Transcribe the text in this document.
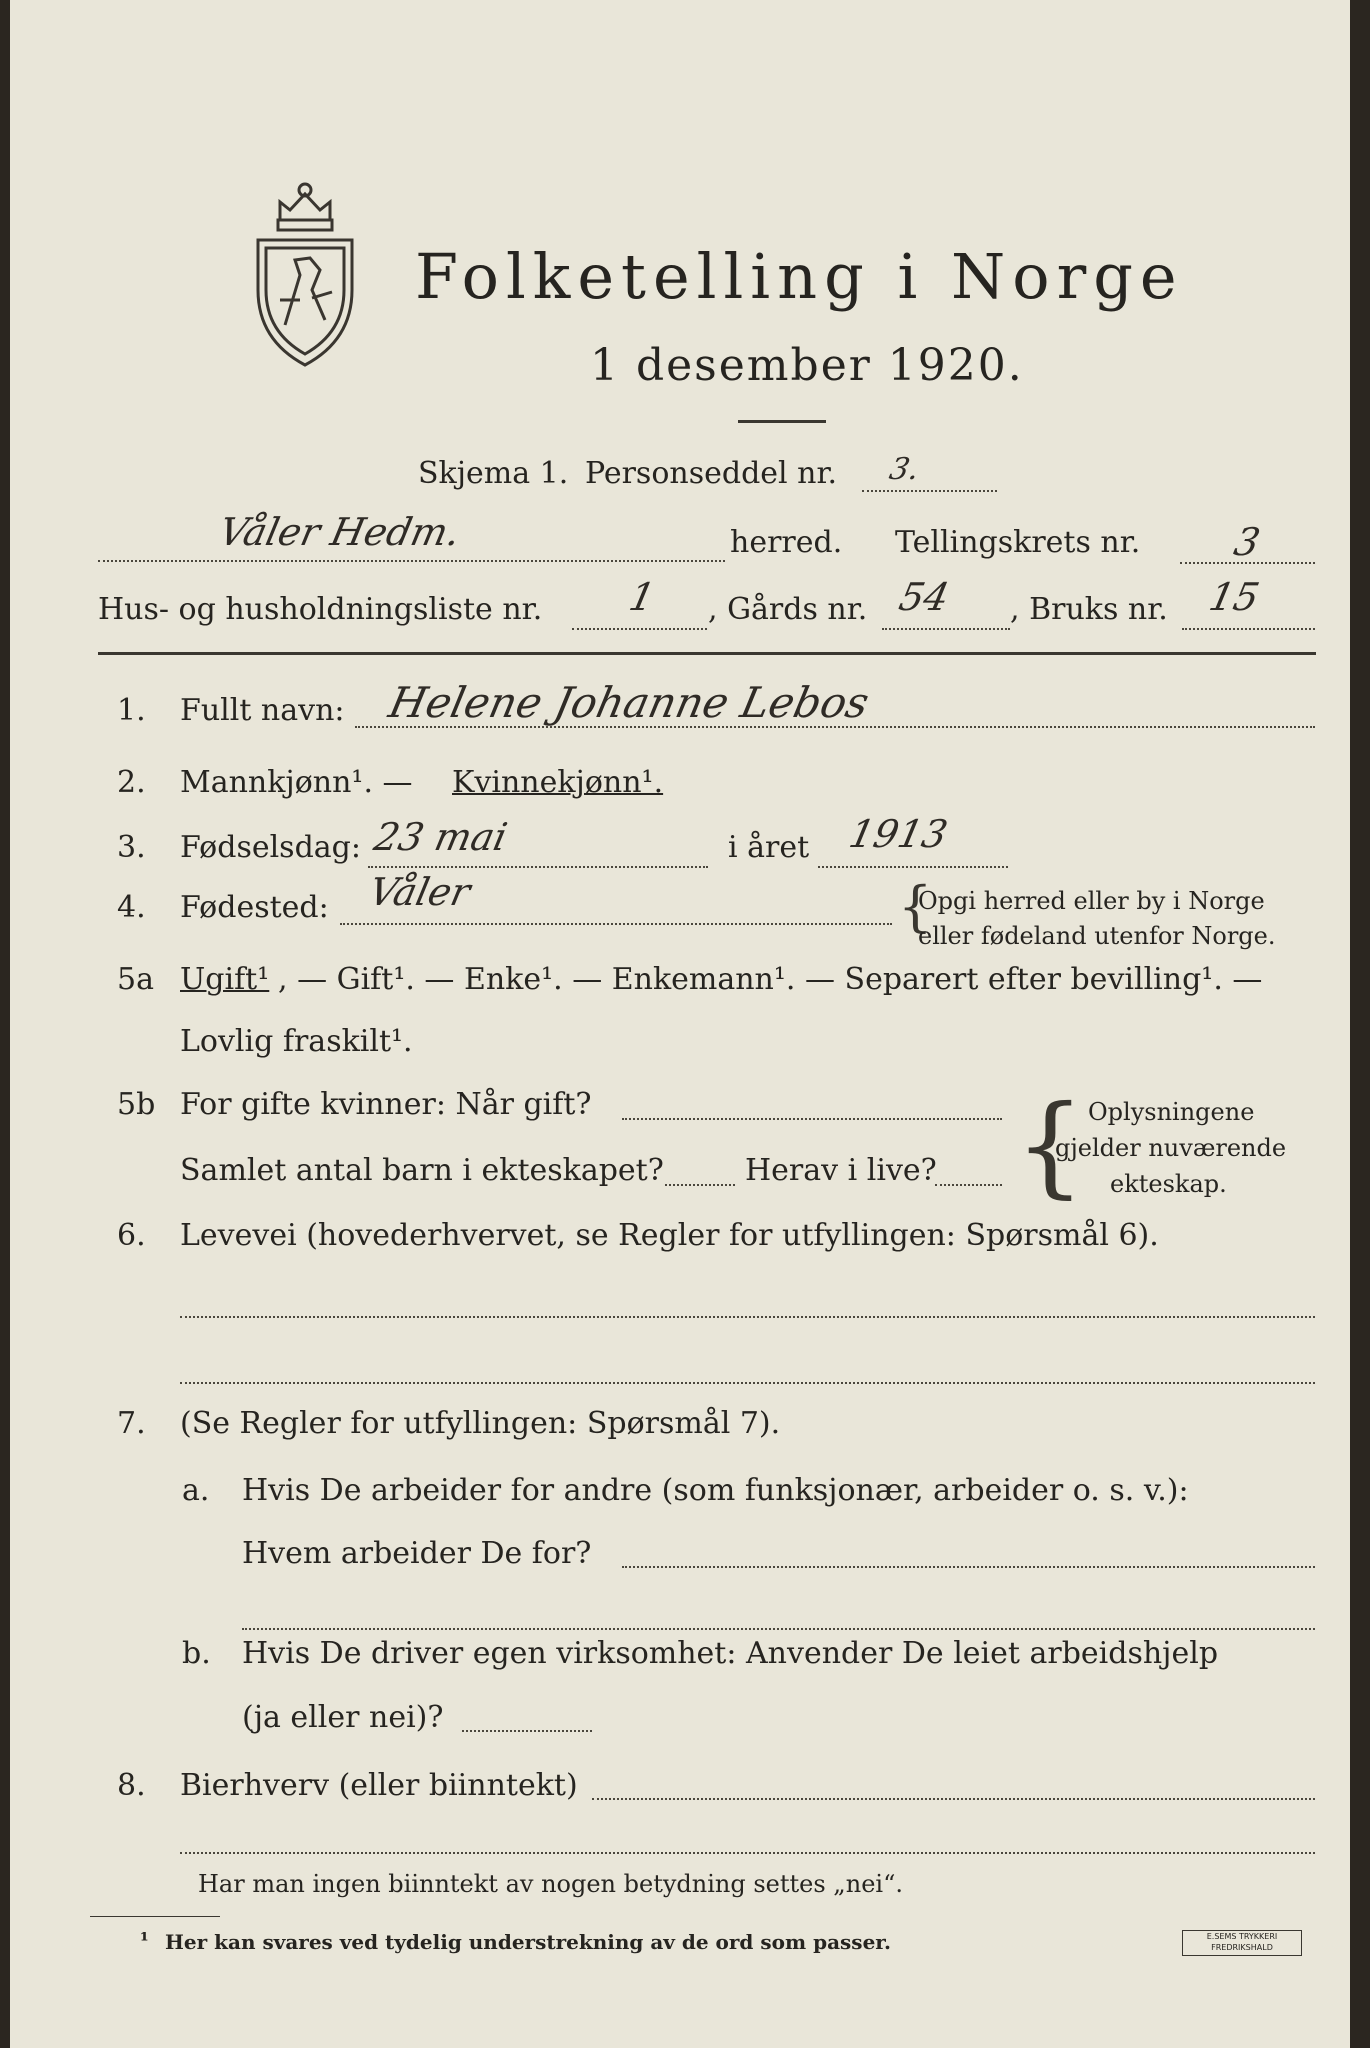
Folketelling i Norge
1 desember 1920.
Skjema 1. Personseddel nr. 3.
Våler Hedm.	herred. Tellingskrets nr. 3
Hus- og husholdningsliste nr. 1 , Gårds nr. 54 , Bruks nr. 15
1. Fullt navn: Helene Johanne Lebos
2. Mannkjønn¹. — Kvinnekjønn¹.
3. Fødselsdag: 23 mai	i året 1913
4. Fødested: Våler	{
Opgi herred eller by i Norge
eller fødeland utenfor Norge.
5a Ugift¹ , — Gift¹. — Enke¹. — Enkemann¹. — Separert efter bevilling¹. —
Lovlig fraskilt¹.
5b For gifte kvinner: Når gift?
Samlet antal barn i ekteskapet?	Herav i live? { Oplysningene
gjelder nuværende
ekteskap.
6. Levevei (hovederhvervet, se Regler for utfyllingen: Spørsmål 6).
7. (Se Regler for utfyllingen: Spørsmål 7).
a. Hvis De arbeider for andre (som funksjonær, arbeider o. s. v.):
Hvem arbeider De for?
b. Hvis De driver egen virksomhet: Anvender De leiet arbeidshjelp
(ja eller nei)?
8. Bierhverv (eller biinntekt)
Har man ingen biinntekt av nogen betydning settes „nei“.
¹ Her kan svares ved tydelig understrekning av de ord som passer.	E.SEMS TRYKKERI
FREDRIKSHALD
